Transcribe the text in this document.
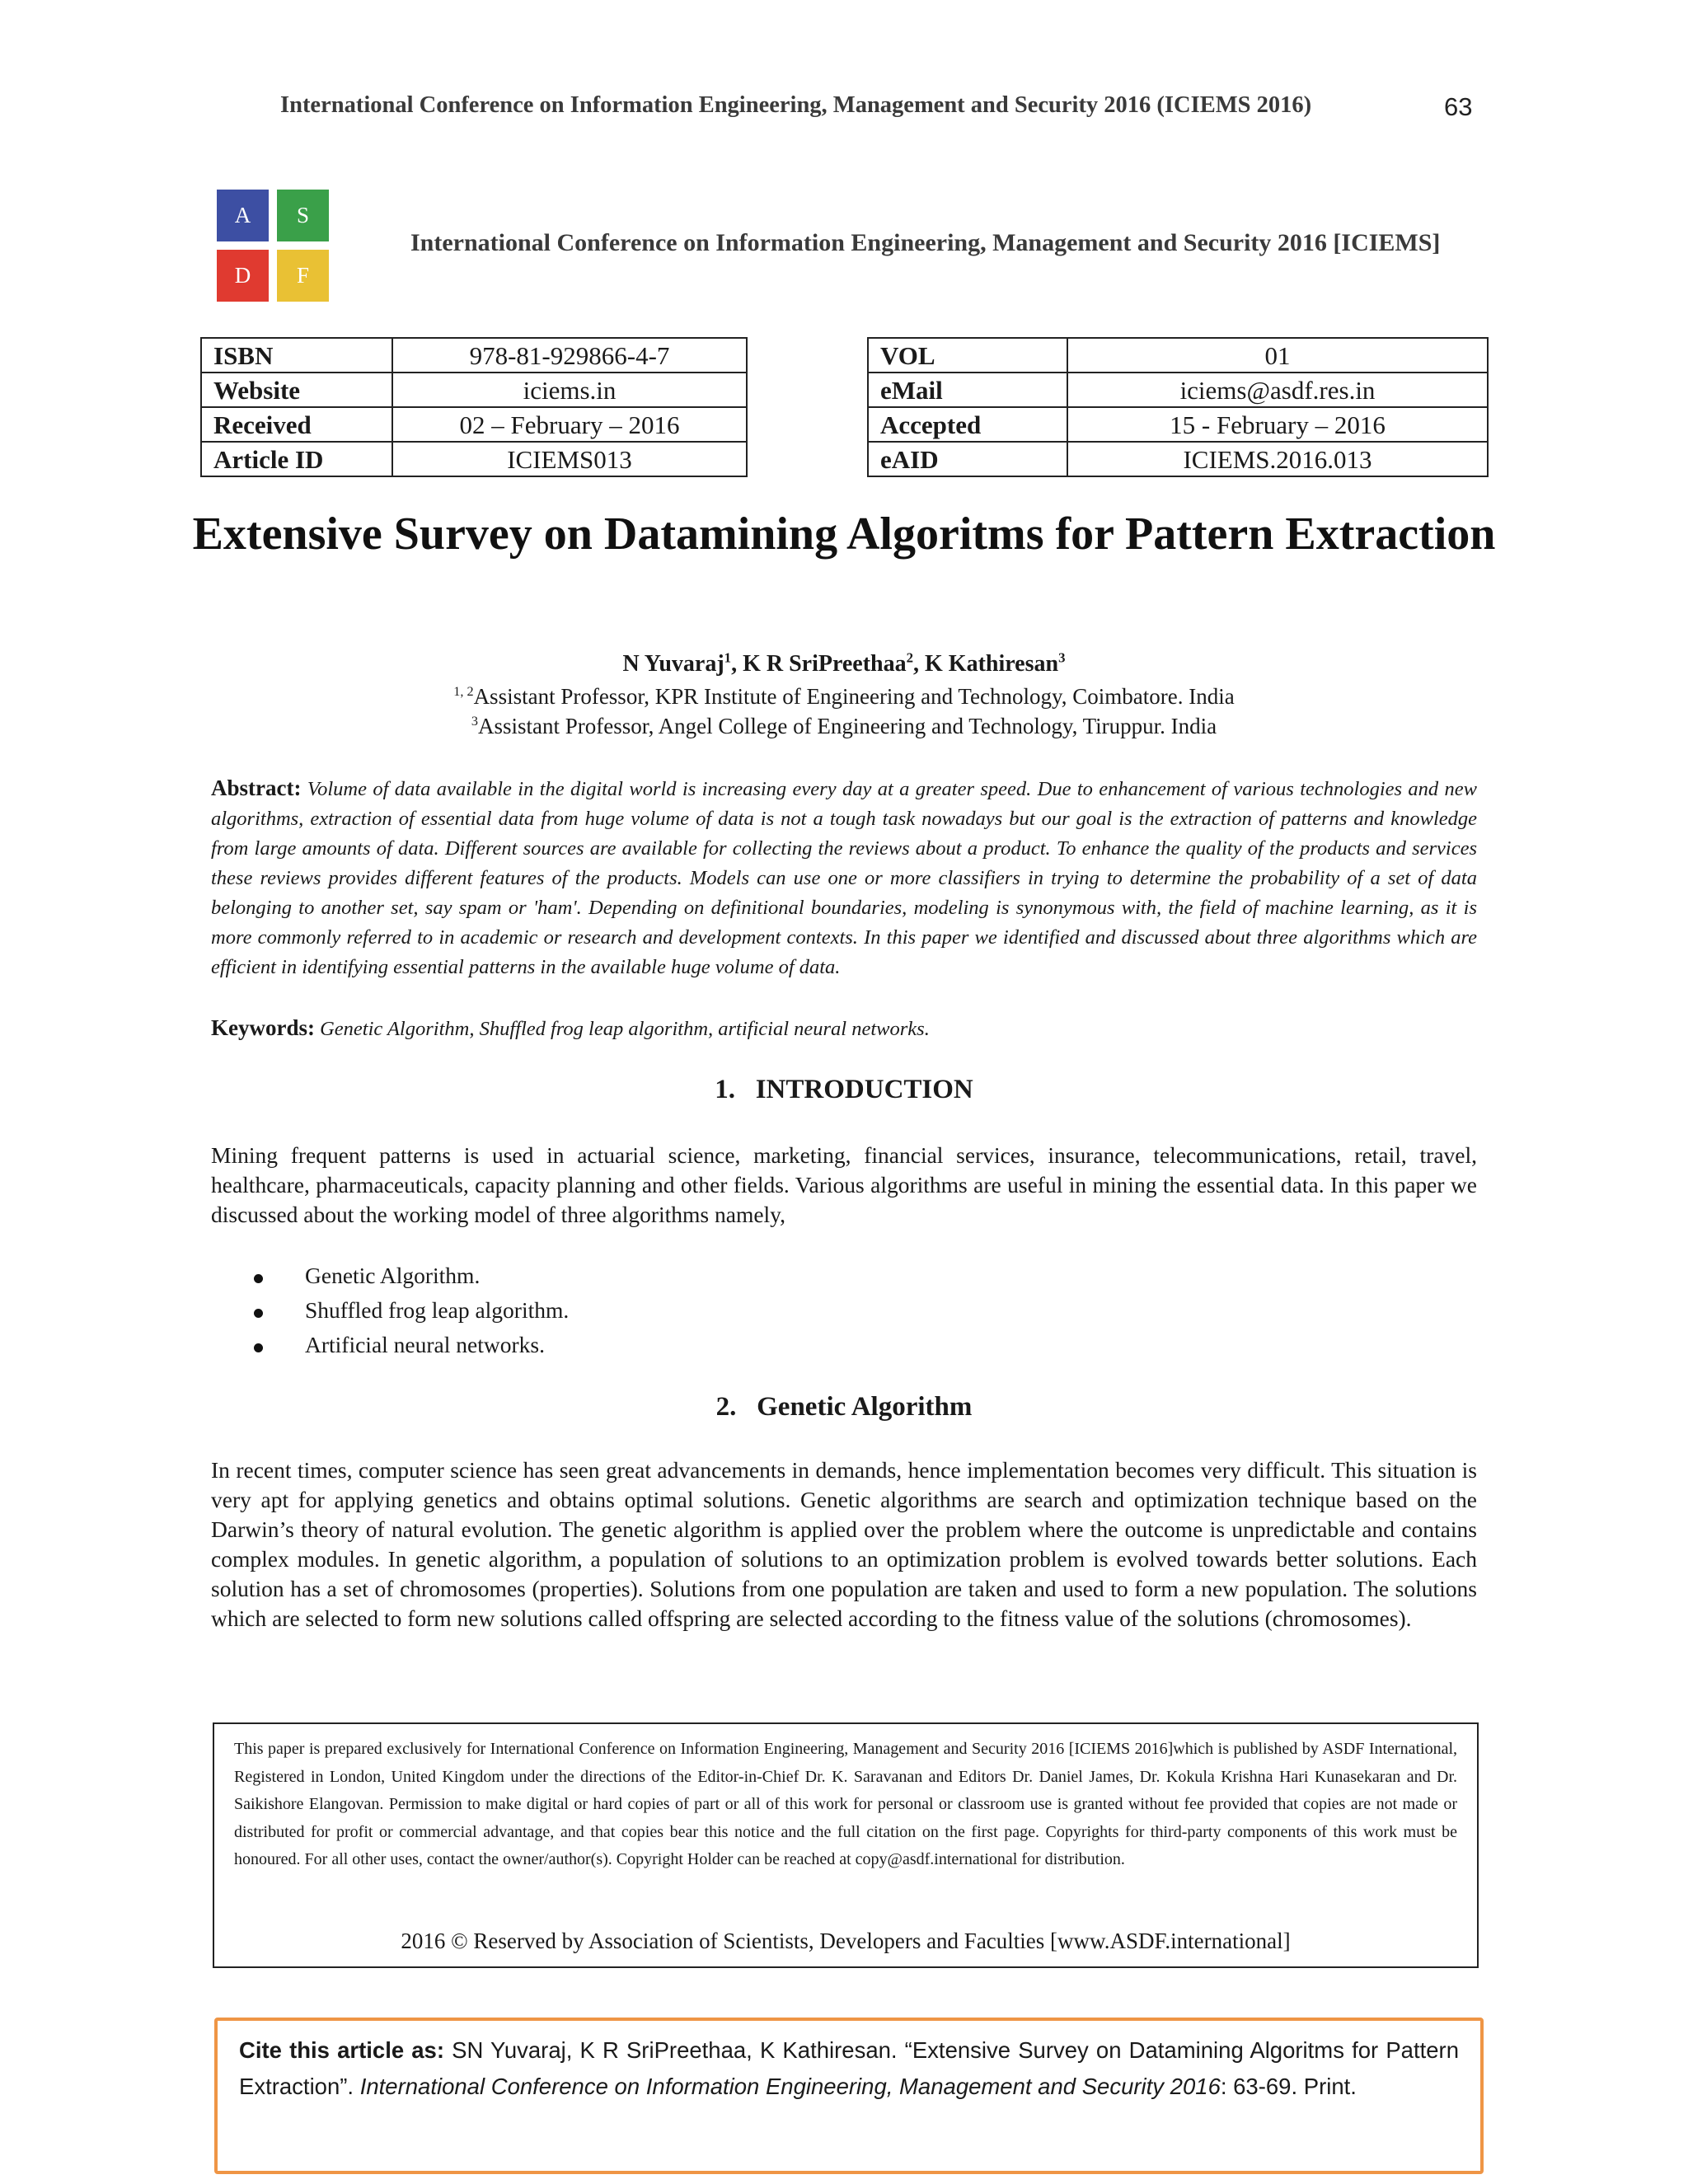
International Conference on Information Engineering, Management and Security 2016 (ICIEMS 2016)	63
A	S
D	F
International Conference on Information Engineering, Management and Security 2016 [ICIEMS]
ISBN	978-81-929866-4-7
Website	iciems.in
Received	02 – February – 2016
Article ID	ICIEMS013
VOL	01
eMail	iciems@asdf.res.in
Accepted	15 - February – 2016
eAID	ICIEMS.2016.013
Extensive Survey on Datamining Algoritms for Pattern Extraction
N Yuvaraj$^1$, K R SriPreethaa$^2$, K Kathiresan$^3$
$^{1, 2}$Assistant Professor, KPR Institute of Engineering and Technology, Coimbatore. India
$^3$Assistant Professor, Angel College of Engineering and Technology, Tiruppur. India
Abstract: Volume of data available in the digital world is increasing every day at a greater speed. Due to enhancement of various technologies and new algorithms, extraction of essential data from huge volume of data is not a tough task nowadays but our goal is the extraction of patterns and knowledge from large amounts of data. Different sources are available for collecting the reviews about a product. To enhance the quality of the products and services these reviews provides different features of the products. Models can use one or more classifiers in trying to determine the probability of a set of data belonging to another set, say spam or 'ham'. Depending on definitional boundaries, modeling is synonymous with, the field of machine learning, as it is more commonly referred to in academic or research and development contexts. In this paper we identified and discussed about three algorithms which are efficient in identifying essential patterns in the available huge volume of data.
Keywords: Genetic Algorithm, Shuffled frog leap algorithm, artificial neural networks.
1.  INTRODUCTION
Mining frequent patterns is used in actuarial science, marketing, financial services, insurance, telecommunications, retail, travel, healthcare, pharmaceuticals, capacity planning and other fields. Various algorithms are useful in mining the essential data. In this paper we discussed about the working model of three algorithms namely,
Genetic Algorithm.
Shuffled frog leap algorithm.
Artificial neural networks.
2.  Genetic Algorithm
In recent times, computer science has seen great advancements in demands, hence implementation becomes very difficult. This situation is very apt for applying genetics and obtains optimal solutions. Genetic algorithms are search and optimization technique based on the Darwin’s theory of natural evolution. The genetic algorithm is applied over the problem where the outcome is unpredictable and contains complex modules. In genetic algorithm, a population of solutions to an optimization problem is evolved towards better solutions. Each solution has a set of chromosomes (properties). Solutions from one population are taken and used to form a new population. The solutions which are selected to form new solutions called offspring are selected according to the fitness value of the solutions (chromosomes).
This paper is prepared exclusively for International Conference on Information Engineering, Management and Security 2016 [ICIEMS 2016]which is published by ASDF International, Registered in London, United Kingdom under the directions of the Editor-in-Chief Dr. K. Saravanan and Editors Dr. Daniel James, Dr. Kokula Krishna Hari Kunasekaran and Dr. Saikishore Elangovan. Permission to make digital or hard copies of part or all of this work for personal or classroom use is granted without fee provided that copies are not made or distributed for profit or commercial advantage, and that copies bear this notice and the full citation on the first page. Copyrights for third-party components of this work must be honoured. For all other uses, contact the owner/author(s). Copyright Holder can be reached at copy@asdf.international for distribution.
2016 © Reserved by Association of Scientists, Developers and Faculties [www.ASDF.international]
Cite this article as: SN Yuvaraj, K R SriPreethaa, K Kathiresan. “Extensive Survey on Datamining Algoritms for Pattern Extraction”. International Conference on Information Engineering, Management and Security 2016: 63-69. Print.
